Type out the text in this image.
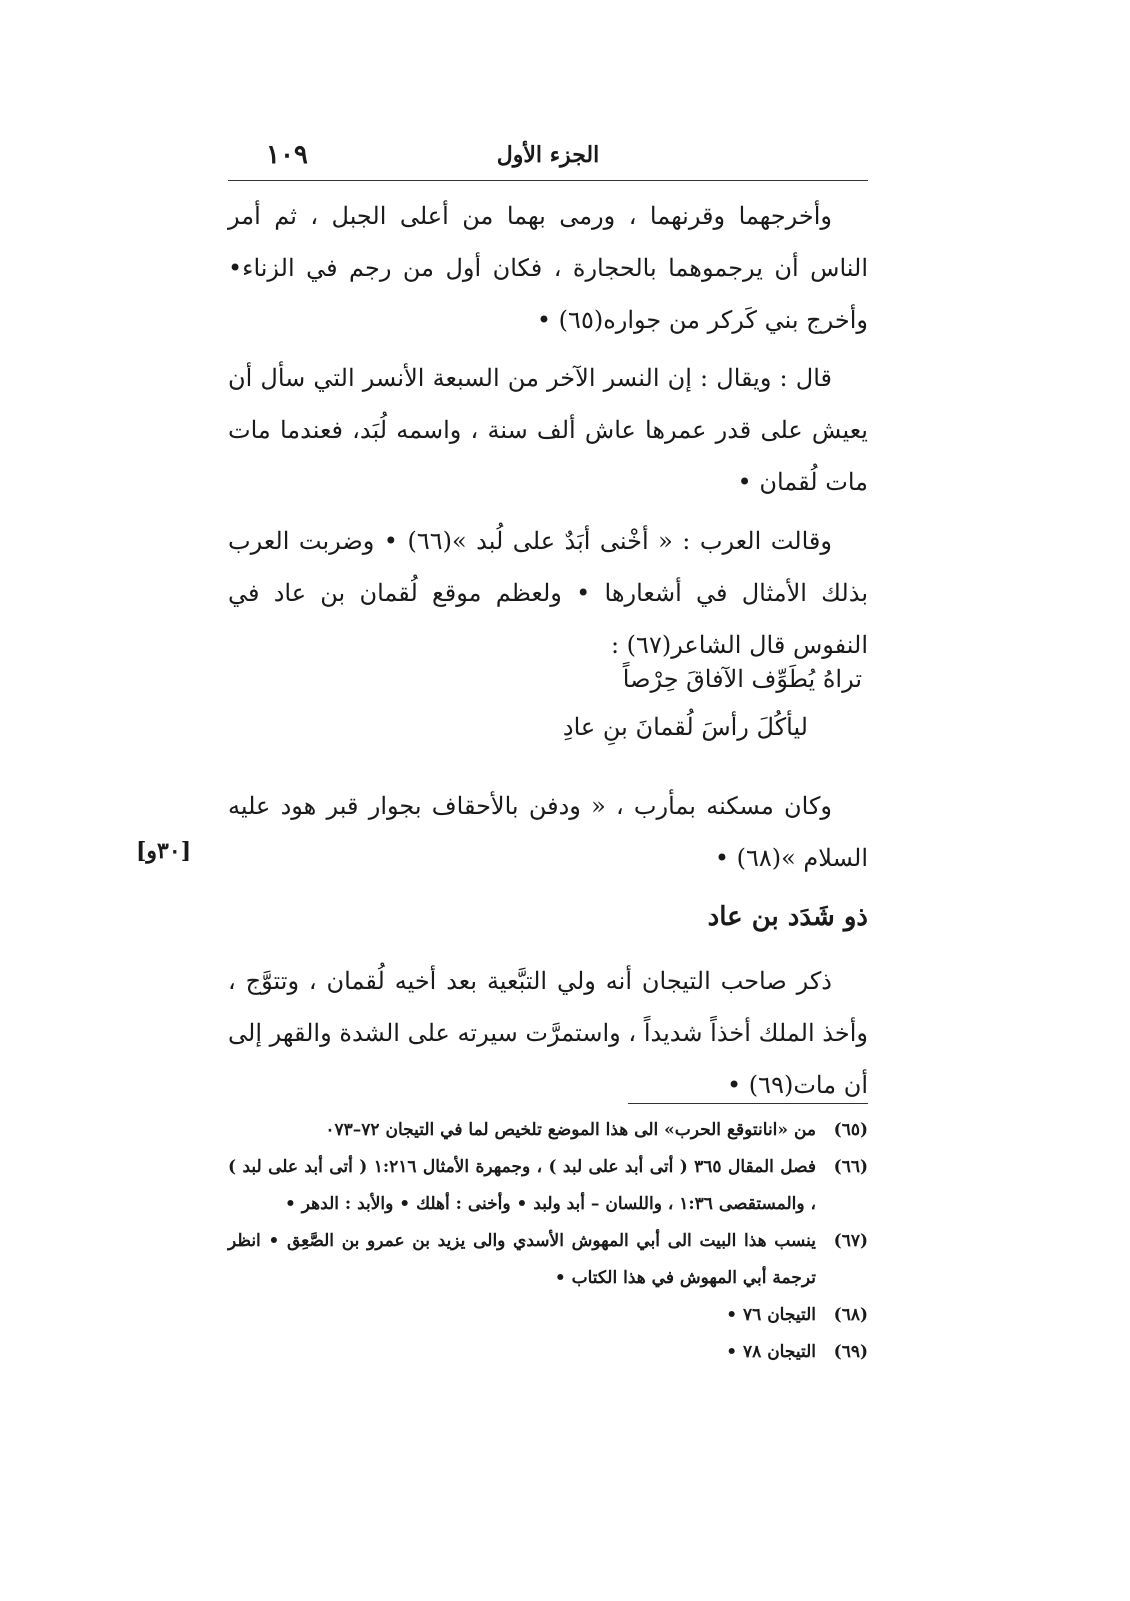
١٠٩	الجزء الأول

وأخرجهما وقرنهما ، ورمى بهما من أعلى الجبل ، ثم أمر الناس أن يرجموهما بالحجارة ، فكان أول من رجم في الزناء• وأخرج بني كَركر من جواره(٦٥) •

قال : ويقال : إن النسر الآخر من السبعة الأنسر التي سأل أن يعيش على قدر عمرها عاش ألف سنة ، واسمه لُبَد، فعندما مات مات لُقمان •

وقالت العرب : « أخْنى أبَدٌ على لُبد »(٦٦) • وضربت العرب بذلك الأمثال في أشعارها • ولعظم موقع لُقمان بن عاد في النفوس قال الشاعر(٦٧) :

تراهُ يُطَوِّف الآفاقَ حِرْصاً
ليأكُلَ رأسَ لُقمانَ بنِ عادِ

وكان مسكنه بمأرب ، « ودفن بالأحقاف بجوار قبر هود عليه السلام »(٦٨) •

[٣٠و]
ذو شَدَد بن عاد

ذكر صاحب التيجان أنه ولي التبَّعية بعد أخيه لُقمان ، وتتوَّج ، وأخذ الملك أخذاً شديداً ، واستمرَّت سيرته على الشدة والقهر إلى أن مات(٦٩) •

(٦٥)
من «انانتوقع الحرب» الى هذا الموضع تلخيص لما في التيجان ٧٢–٠٧٣
(٦٦)
فصل المقال ٣٦٥ ( أتى أبد على لبد ) ، وجمهرة الأمثال ١:٢١٦ ( أتى أبد على لبد ) ، والمستقصى ١:٣٦ ، واللسان – أبد ولبد • وأخنى : أهلك • والأبد : الدهر •
(٦٧)
ينسب هذا البيت الى أبي المهوش الأسدي والى يزيد بن عمرو بن الصَّعِق • انظر ترجمة أبي المهوش في هذا الكتاب •
(٦٨)
التيجان ٧٦ •
(٦٩)
التيجان ٧٨ •
